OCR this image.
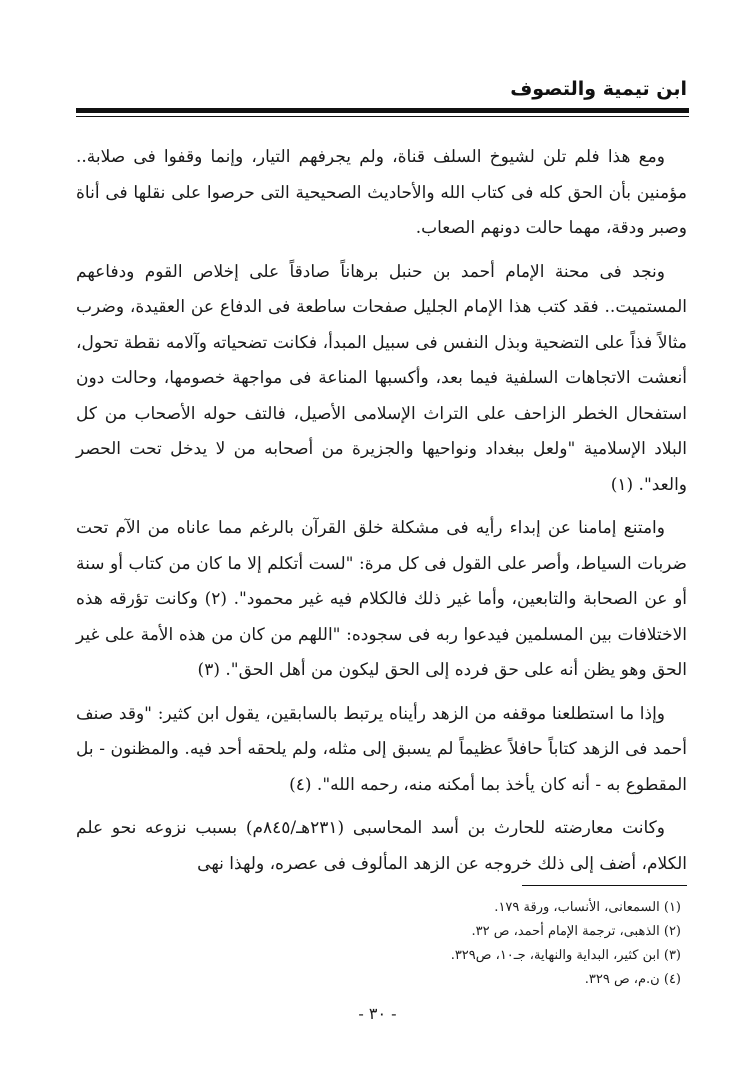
ابن تيمية والتصوف

ومع هذا فلم تلن لشيوخ السلف قناة، ولم يجرفهم التيار، وإنما وقفوا فى صلابة.. مؤمنين بأن الحق كله فى كتاب الله والأحاديث الصحيحية التى حرصوا على نقلها فى أناة وصبر ودقة، مهما حالت دونهم الصعاب.

ونجد فى محنة الإمام أحمد بن حنبل برهاناً صادقاً على إخلاص القوم ودفاعهم المستميت.. فقد كتب هذا الإمام الجليل صفحات ساطعة فى الدفاع عن العقيدة، وضرب مثالاً فذاً على التضحية وبذل النفس فى سبيل المبدأ، فكانت تضحياته وآلامه نقطة تحول، أنعشت الاتجاهات السلفية فيما بعد، وأكسبها المناعة فى مواجهة خصومها، وحالت دون استفحال الخطر الزاحف على التراث الإسلامى الأصيل، فالتف حوله الأصحاب من كل البلاد الإسلامية "ولعل ببغداد ونواحيها والجزيرة من أصحابه من لا يدخل تحت الحصر والعد". (١)

وامتنع إمامنا عن إبداء رأيه فى مشكلة خلق القرآن بالرغم مما عاناه من الآم تحت ضربات السياط، وأصر على القول فى كل مرة: "لست أتكلم إلا ما كان من كتاب أو سنة أو عن الصحابة والتابعين، وأما غير ذلك فالكلام فيه غير محمود". (٢) وكانت تؤرقه هذه الاختلافات بين المسلمين فيدعوا ربه فى سجوده: "اللهم من كان من هذه الأمة على غير الحق وهو يظن أنه على حق فرده إلى الحق ليكون من أهل الحق". (٣)

وإذا ما استطلعنا موقفه من الزهد رأيناه يرتبط بالسابقين، يقول ابن كثير: "وقد صنف أحمد فى الزهد كتاباً حافلاً عظيماً لم يسبق إلى مثله، ولم يلحقه أحد فيه. والمظنون - بل المقطوع به - أنه كان يأخذ بما أمكنه منه، رحمه الله". (٤)

وكانت معارضته للحارث بن أسد المحاسبى (٢٣١هـ/٨٤٥م) بسبب نزوعه نحو علم الكلام، أضف إلى ذلك خروجه عن الزهد المألوف فى عصره، ولهذا نهى

(١) السمعانى، الأنساب، ورقة ١٧٩.
(٢) الذهبى، ترجمة الإمام أحمد، ص ٣٢.
(٣) ابن كثير، البداية والنهاية، جـ١٠، ص٣٢٩.
(٤) ن.م، ص ٣٢٩.
- ٣٠ -
